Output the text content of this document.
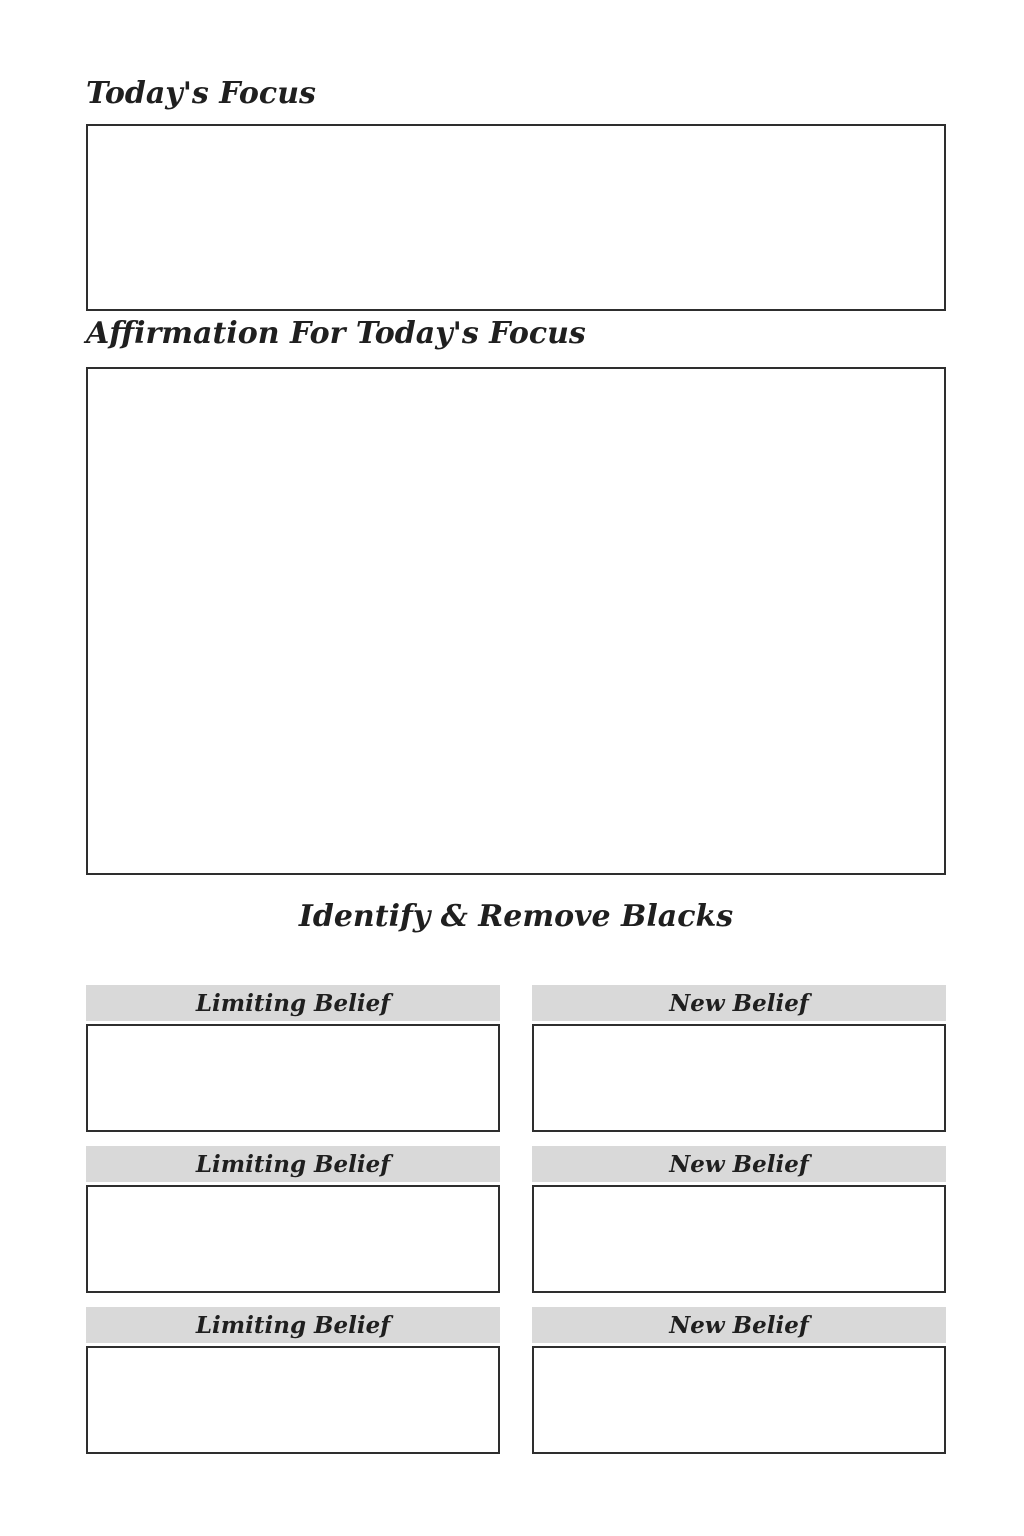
Today's Focus
Affirmation For Today's Focus
Identify & Remove Blacks
Limiting Belief	New Belief
Limiting Belief	New Belief
Limiting Belief	New Belief
